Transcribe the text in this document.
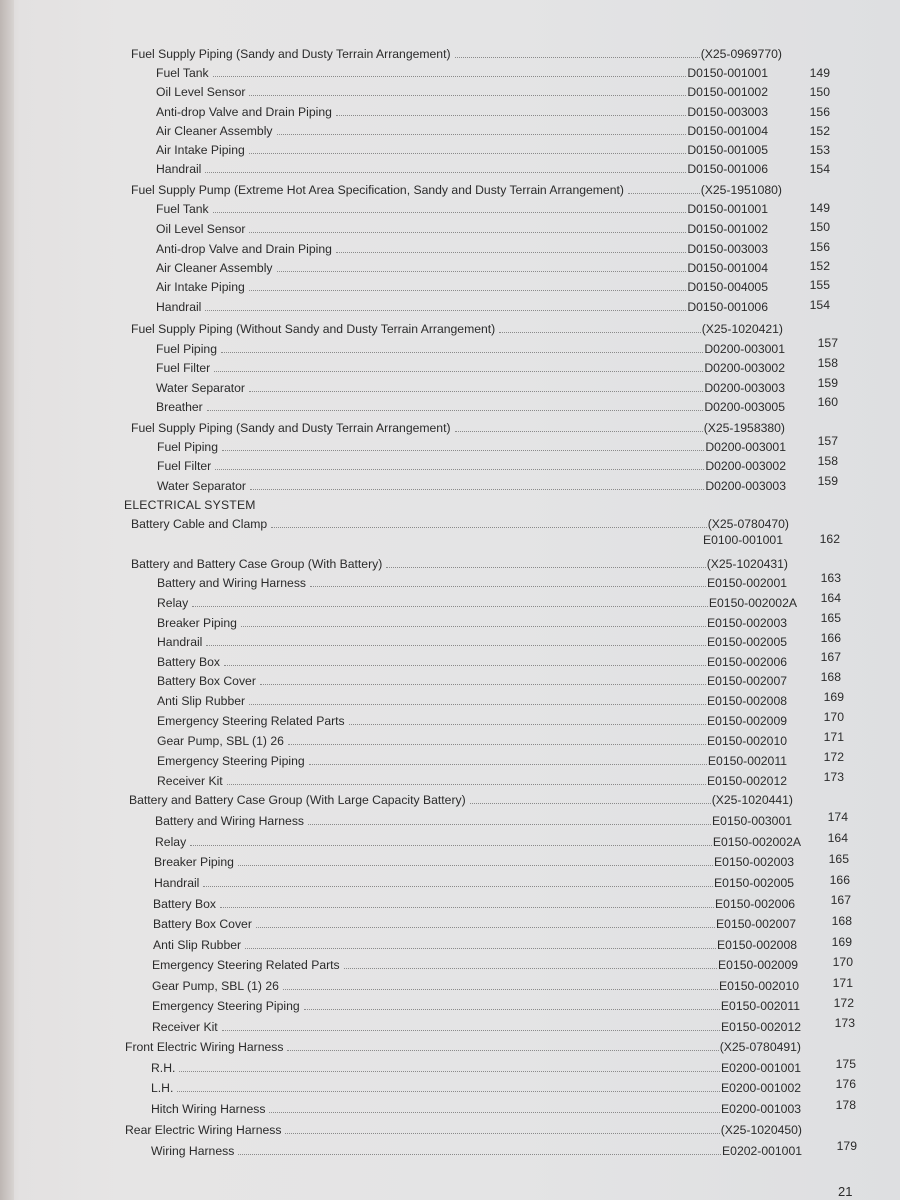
Fuel Supply Piping (Sandy and Dusty Terrain Arrangement)	(X25-0969770)
Fuel Tank	D0150-001001	149
Oil Level Sensor	D0150-001002	150
Anti-drop Valve and Drain Piping	D0150-003003	156
Air Cleaner Assembly	D0150-001004	152
Air Intake Piping	D0150-001005	153
Handrail	D0150-001006	154
Fuel Supply Pump (Extreme Hot Area Specification, Sandy and Dusty Terrain Arrangement)	(X25-1951080)
Fuel Tank	D0150-001001	149
Oil Level Sensor	D0150-001002	150
Anti-drop Valve and Drain Piping	D0150-003003	156
Air Cleaner Assembly	D0150-001004	152
Air Intake Piping	D0150-004005	155
Handrail	D0150-001006	154
Fuel Supply Piping (Without Sandy and Dusty Terrain Arrangement)	(X25-1020421)
Fuel Piping	D0200-003001	157
Fuel Filter	D0200-003002	158
Water Separator	D0200-003003	159
Breather	D0200-003005	160
Fuel Supply Piping (Sandy and Dusty Terrain Arrangement)	(X25-1958380)
Fuel Piping	D0200-003001	157
Fuel Filter	D0200-003002	158
Water Separator	D0200-003003	159
ELECTRICAL SYSTEM
Battery Cable and Clamp	(X25-0780470)
E0100-001001	162
Battery and Battery Case Group (With Battery)	(X25-1020431)
Battery and Wiring Harness	E0150-002001	163
Relay	E0150-002002A	164
Breaker Piping	E0150-002003	165
Handrail	E0150-002005	166
Battery Box	E0150-002006	167
Battery Box Cover	E0150-002007	168
Anti Slip Rubber	E0150-002008	169
Emergency Steering Related Parts	E0150-002009	170
Gear Pump, SBL (1) 26	E0150-002010	171
Emergency Steering Piping	E0150-002011	172
Receiver Kit	E0150-002012	173
Battery and Battery Case Group (With Large Capacity Battery)	(X25-1020441)
Battery and Wiring Harness	E0150-003001	174
Relay	E0150-002002A	164
Breaker Piping	E0150-002003	165
Handrail	E0150-002005	166
Battery Box	E0150-002006	167
Battery Box Cover	E0150-002007	168
Anti Slip Rubber	E0150-002008	169
Emergency Steering Related Parts	E0150-002009	170
Gear Pump, SBL (1) 26	E0150-002010	171
Emergency Steering Piping	E0150-002011	172
Receiver Kit	E0150-002012	173
Front Electric Wiring Harness	(X25-0780491)
R.H.	E0200-001001	175
L.H.	E0200-001002	176
Hitch Wiring Harness	E0200-001003	178
Rear Electric Wiring Harness	(X25-1020450)
Wiring Harness	E0202-001001	179
21
